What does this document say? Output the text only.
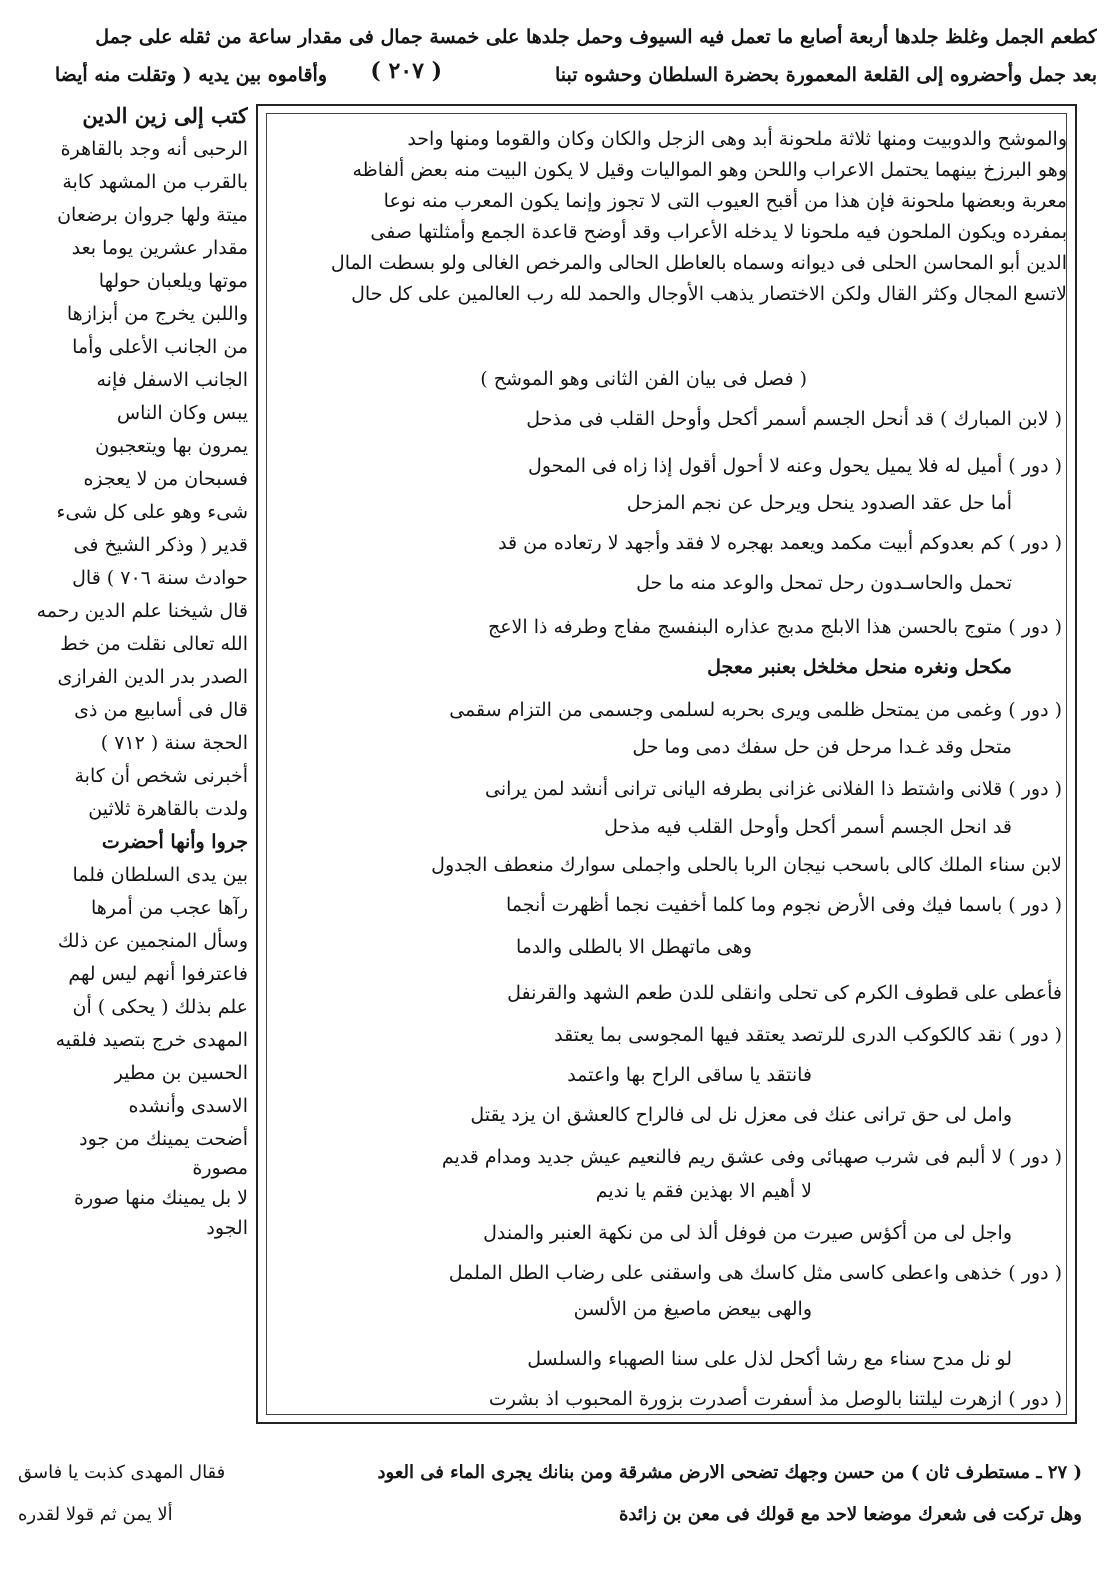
كطعم الجمل وغلظ جلدها أربعة أصابع ما تعمل فيه السيوف وحمل جلدها على خمسة جمال فى مقدار ساعة من ثقله على جمل
بعد جمل وأحضروه إلى القلعة المعمورة بحضرة السلطان وحشوه تبنا
( ٢٠٧ )
وأقاموه بين يديه ( وتقلت منه أيضا
والموشح والدوبيت ومنها ثلاثة ملحونة أبد وهى الزجل والكان وكان والقوما ومنها واحد
وهو البرزخ بينهما يحتمل الاعراب واللحن وهو المواليات وقيل لا يكون البيت منه بعض ألفاظه
معربة وبعضها ملحونة فإن هذا من أقبح العيوب التى لا تجوز وإنما يكون المعرب منه نوعا
بمفرده ويكون الملحون فيه ملحونا لا يدخله الأعراب وقد أوضح قاعدة الجمع وأمثلتها صفى
الدين أبو المحاسن الحلى فى ديوانه وسماه بالعاطل الحالى والمرخص الغالى ولو بسطت المال
لاتسع المجال وكثر القال ولكن الاختصار يذهب الأوجال والحمد لله رب العالمين على كل حال
( فصل فى بيان الفن الثانى وهو الموشح )
( لابن المبارك ) قد أنحل الجسم أسمر أكحل وأوحل القلب فى مذحل
( دور ) أميل له فلا يميل يحول وعنه لا أحول أقول إذا زاه فى المحول
أما حل عقد الصدود ينحل ويرحل عن نجم المزحل
( دور ) كم بعدوكم أبيت مكمد ويعمد بهجره لا فقد وأجهد لا رتعاده من قد
تحمل والحاسـدون رحل تمحل والوعد منه ما حل
( دور ) متوج بالحسن هذا الابلج مدبج عذاره البنفسج مفاج وطرفه ذا الاعج
مكحل ونغره منحل مخلخل بعنبر معجل
( دور ) وغمى من يمتحل ظلمى ويرى بحربه لسلمى وجسمى من التزام سقمى
متحل وقد غـدا مرحل فن حل سفك دمى وما حل
( دور ) قلانى واشتط ذا الفلانى غزانى بطرفه اليانى ترانى أنشد لمن يرانى
قد انحل الجسم أسمر أكحل وأوحل القلب فيه مذحل
لابن سناء الملك كالى باسحب نيجان الربا بالحلى واجملى سوارك منعطف الجدول
( دور ) باسما فيك وفى الأرض نجوم وما كلما أخفيت نجما أظهرت أنجما
وهى ماتهطل الا بالطلى والدما
فأعطى على قطوف الكرم كى تحلى وانقلى للدن طعم الشهد والقرنفل
( دور ) نقد كالكوكب الدرى للرتصد يعتقد فيها المجوسى بما يعتقد
فانتقد يا ساقى الراح بها واعتمد
وامل لى حق ترانى عنك فى معزل نل لى فالراح كالعشق ان يزد يقتل
( دور ) لا ألبم فى شرب صهبائى وفى عشق ريم فالنعيم عيش جديد ومدام قديم
لا أهيم الا بهذين فقم يا نديم
واجل لى من أكؤس صيرت من فوفل ألذ لى من نكهة العنبر والمندل
( دور ) خذهى واعطى كاسى مثل كاسك هى واسقنى على رضاب الطل الململ
والهى بيعض ماصيغ من الألسن
لو نل مدح سناء مع رشا أكحل لذل على سنا الصهباء والسلسل
( دور ) ازهرت ليلتنا بالوصل مذ أسفرت أصدرت بزورة المحبوب اذ بشرت
كتب إلى زين الدين
الرحبى أنه وجد بالقاهرة
بالقرب من المشهد كابة
ميتة ولها جروان برضعان
مقدار عشرين يوما بعد
موتها ويلعبان حولها
واللبن يخرج من أبزازها
من الجانب الأعلى وأما
الجانب الاسفل فإنه
يبس وكان الناس
يمرون بها ويتعجبون
فسبحان من لا يعجزه
شىء وهو على كل شىء
قدير ( وذكر الشيخ فى
حوادث سنة ٧٠٦ ) قال
قال شيخنا علم الدين رحمه
الله تعالى نقلت من خط
الصدر بدر الدين الفرازى
قال فى أسابيع من ذى
الحجة سنة ( ٧١٢ )
أخبرنى شخص أن كابة
ولدت بالقاهرة ثلاثين
جروا وأنها أحضرت
بين يدى السلطان فلما
رآها عجب من أمرها
وسأل المنجمين عن ذلك
فاعترفوا أنهم ليس لهم
علم بذلك ( يحكى ) أن
المهدى خرج بتصيد فلقيه
الحسين بن مطير
الاسدى وأنشده
أضحت يمينك من جود
مصورة
لا بل يمينك منها صورة
الجود
( ٢٧ ـ مستطرف ثان ) من حسن وجهك تضحى الارض مشرقة ومن بنانك يجرى الماء فى العود
وهل تركت فى شعرك موضعا لاحد مع قولك فى معن بن زائدة
فقال المهدى كذبت يا فاسق
ألا يمن ثم قولا لقدره
